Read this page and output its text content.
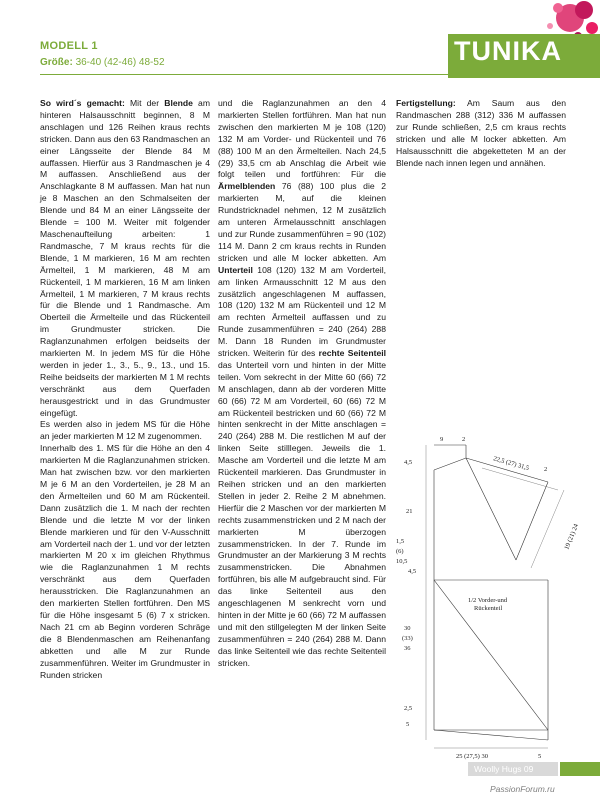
MODELL 1
Größe: 36-40 (42-46) 48-52	TUNIKA

So wird´s gemacht: Mit der Blende am hinteren Halsausschnitt beginnen, 8 M anschlagen und 126 Reihen kraus rechts stricken. Dann aus den 63 Randmaschen an einer Längsseite der Blende 84 M auffassen. Hierfür aus 3 Randmaschen je 4 M auffassen. Anschließend aus der Anschlagkante 8 M auffassen. Man hat nun je 8 Maschen an den Schmalseiten der Blende und 84 M an einer Längsseite der Blende = 100 M. Weiter mit folgender Maschenaufteilung arbeiten: 1 Randmasche, 7 M kraus rechts für die Blende, 1 M markieren, 16 M am rechten Ärmelteil, 1 M markieren, 48 M am Rückenteil, 1 M markieren, 16 M am linken Ärmelteil, 1 M markieren, 7 M kraus rechts für die Blende und 1 Randmasche. Am Oberteil die Ärmelteile und das Rückenteil im Grundmuster stricken. Die Raglanzunahmen erfolgen beidseits der markierten M. In jedem MS für die Höhe werden in jeder 1., 3., 5., 9., 13., und 15. Reihe beidseits der markierten M 1 M rechts verschränkt aus dem Querfaden herausgestrickt und in das Grundmuster eingefügt.

Es werden also in jedem MS für die Höhe an jeder markierten M 12 M zugenommen.

Innerhalb des 1. MS für die Höhe an den 4 markierten M die Raglanzunahmen stricken. Man hat zwischen bzw. vor den markierten M je 6 M an den Vorderteilen, je 28 M an den Ärmelteilen und 60 M am Rückenteil. Dann zusätzlich die 1. M nach der rechten Blende und die letzte M vor der linken Blende markieren und für den V-Ausschnitt am Vorderteil nach der 1. und vor der letzten markierten M 20 x im gleichen Rhythmus wie die Raglanzunahmen 1 M rechts verschränkt aus dem Querfaden herausstricken. Die Raglanzunahmen an den markierten Stellen fortführen. Den MS für die Höhe insgesamt 5 (6) 7 x stricken. Nach 21 cm ab Beginn vorderen Schräge die 8 Blendenmaschen am Reihenanfang abketten und alle M zur Runde zusammenführen. Weiter im Grundmuster in Runden stricken

und die Raglanzunahmen an den 4 markierten Stellen fortführen. Man hat nun zwischen den markierten M je 108 (120) 132 M am Vorder- und Rückenteil und 76 (88) 100 M an den Ärmelteilen. Nach 24,5 (29) 33,5 cm ab Anschlag die Arbeit wie folgt teilen und fortführen: Für die Ärmelblenden 76 (88) 100 plus die 2 markierten M, auf die kleinen Rundstricknadel nehmen, 12 M zusätzlich am unteren Ärmelausschnitt anschlagen und zur Runde zusammenführen = 90 (102) 114 M. Dann 2 cm kraus rechts in Runden stricken und alle M locker abketten. Am Unterteil 108 (120) 132 M am Vorderteil, am linken Armausschnitt 12 M aus den zusätzlich angeschlagenen M auffassen, 108 (120) 132 M am Rückenteil und 12 M am rechten Ärmelteil auffassen und zu Runde zusammenführen = 240 (264) 288 M. Dann 18 Runden im Grundmuster stricken. Weiterin für des rechte Seitenteil das Unterteil vorn und hinten in der Mitte teilen. Vom sekrecht in der Mitte 60 (66) 72 M anschlagen, dann ab der vorderen Mitte 60 (66) 72 M am Vorderteil, 60 (66) 72 M am Rückenteil bestricken und 60 (66) 72 M hinten senkrecht in der Mitte anschlagen = 240 (264) 288 M. Die restlichen M auf der linken Seite stilllegen. Jeweils die 1. Masche am Vorderteil und die letzte M am Rückenteil markieren. Das Grundmuster in Reihen stricken und an den markierten Stellen in jeder 2. Reihe 2 M abnehmen. Hierfür die 2 Maschen vor der markierten M rechts zusammenstricken und 2 M nach der markierten M überzogen zusammenstricken. In der 7. Runde im Grundmuster an der Markierung 3 M rechts zusammenstricken. Die Abnahmen fortführen, bis alle M aufgebraucht sind. Für das linke Seitenteil aus den angeschlagenen M senkrecht vorn und hinten in der Mitte je 60 (66) 72 M auffassen und mit den stillgelegten M der linken Seite zusammenführen = 240 (264) 288 M. Dann das linke Seitenteil wie das rechte Seitenteil stricken.

Fertigstellung: Am Saum aus den Randmaschen 288 (312) 336 M auffassen zur Runde schließen, 2,5 cm kraus rechts stricken und alle M locker abketten. Am Halsausschnitt die abgeketteten M an der Blende nach innen legen und annähen.

9	2
22,5 (27) 31,5 2
4,5
21
1,5
(6)
10,5
4,5
19 (21) 24
1/2 Vorder-und
Rückenteil
30
(33)
36
2,5
5
25 (27,5) 30	5
Woolly Hugs 09
PassionForum.ru
